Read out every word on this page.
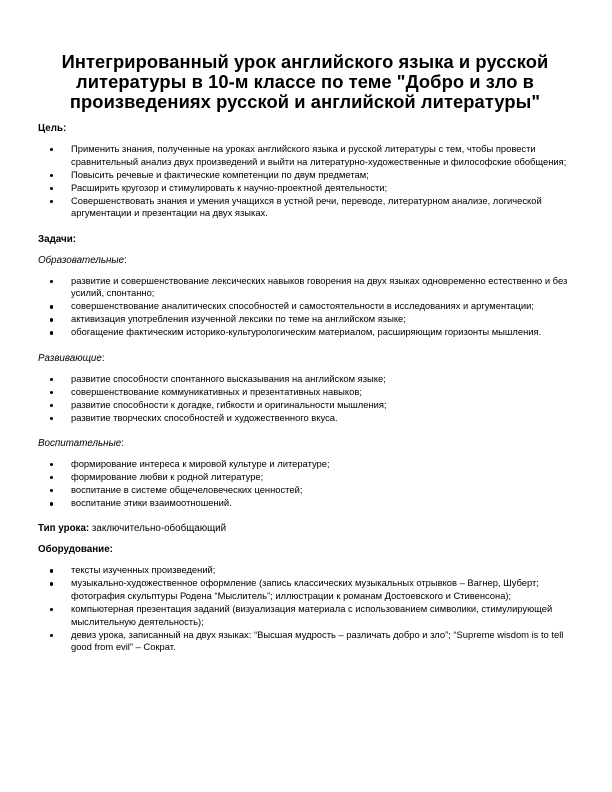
Интегрированный урок английского языка и русской литературы в 10-м классе по теме "Добро и зло в произведениях русской и английской литературы"

Цель:

Применить знания, полученные на уроках английского языка и русской литературы с тем, чтобы провести сравнительный анализ двух произведений и выйти на литературно-художественные и философские обобщения;
Повысить речевые и фактические компетенции по двум предметам;
Расширить кругозор и стимулировать к научно-проектной деятельности;
Совершенствовать знания и умения учащихся в устной речи, переводе, литературном анализе, логической аргументации и презентации на двух языках.

Задачи:

Образовательные:

развитие и совершенствование лексических навыков говорения на двух языках одновременно естественно и без усилий, спонтанно;
совершенствование аналитических способностей и самостоятельности в исследованиях и аргументации;
активизация употребления изученной лексики по теме на английском языке;
обогащение фактическим историко-культурологическим материалом, расширяющим горизонты мышления.

Развивающие:

развитие способности спонтанного высказывания на английском языке;
совершенствование коммуникативных и презентативных навыков;
развитие способности к догадке, гибкости и оригинальности мышления;
развитие творческих способностей и художественного вкуса.

Воспитательные:

формирование интереса к мировой культуре и литературе;
формирование любви к родной литературе;
воспитание в системе общечеловеческих ценностей;
воспитание этики взаимоотношений.

Тип урока: заключительно-обобщающий

Оборудование:

тексты изученных произведений;
музыкально-художественное оформление (запись классических музыкальных отрывков – Вагнер, Шуберт; фотография скульптуры Родена “Мыслитель”; иллюстрации к романам Достоевского и Стивенсона);
компьютерная презентация заданий (визуализация материала с использованием символики, стимулирующей мыслительную деятельность);
девиз урока, записанный на двух языках: “Высшая мудрость – различать добро и зло”; “Supreme wisdom is to tell good from evil” – Сократ.
